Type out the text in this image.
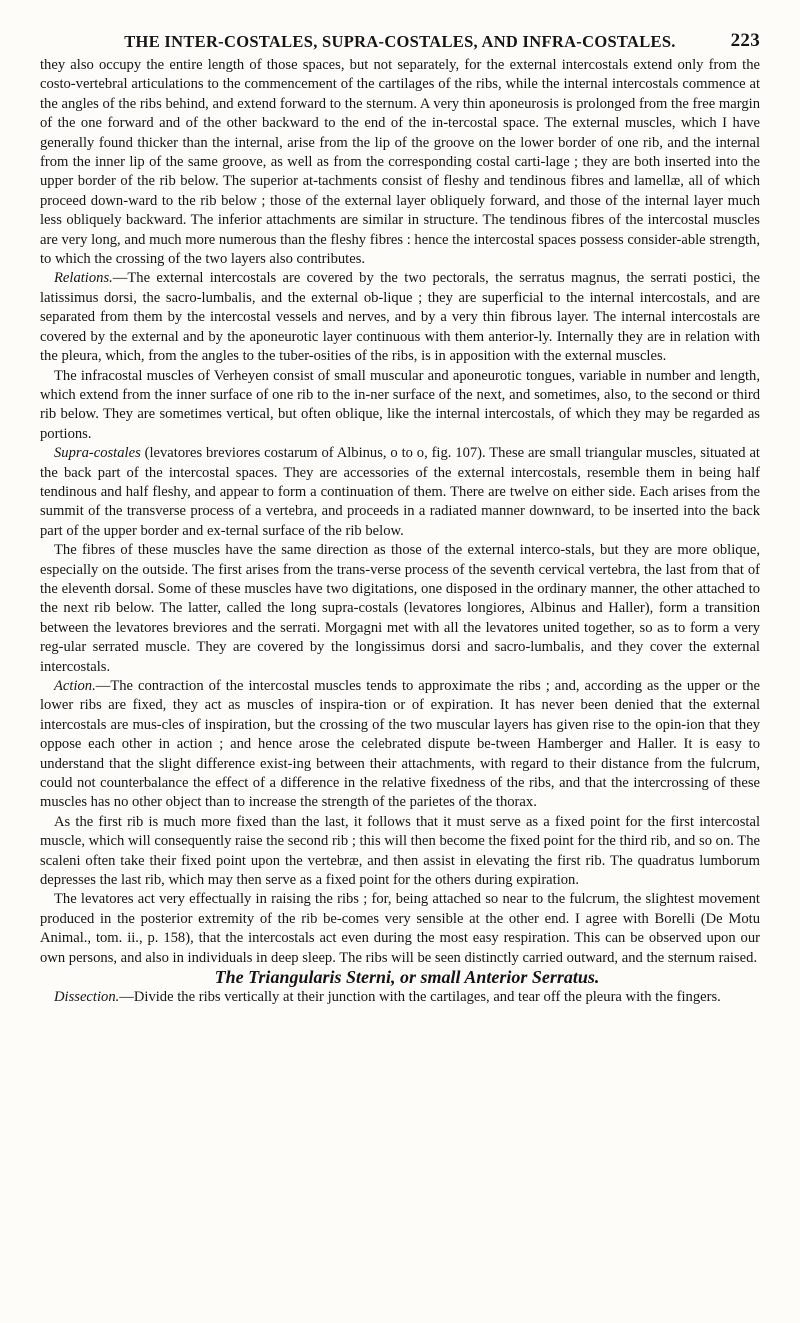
THE INTER-COSTALES, SUPRA-COSTALES, AND INFRA-COSTALES.	223

they also occupy the entire length of those spaces, but not separately, for the external intercostals extend only from the costo-vertebral articulations to the commencement of the cartilages of the ribs, while the internal intercostals commence at the angles of the ribs behind, and extend forward to the sternum. A very thin aponeurosis is prolonged from the free margin of the one forward and of the other backward to the end of the in-tercostal space. The external muscles, which I have generally found thicker than the internal, arise from the lip of the groove on the lower border of one rib, and the internal from the inner lip of the same groove, as well as from the corresponding costal carti-lage ; they are both inserted into the upper border of the rib below. The superior at-tachments consist of fleshy and tendinous fibres and lamellæ, all of which proceed down-ward to the rib below ; those of the external layer obliquely forward, and those of the internal layer much less obliquely backward. The inferior attachments are similar in structure. The tendinous fibres of the intercostal muscles are very long, and much more numerous than the fleshy fibres : hence the intercostal spaces possess consider-able strength, to which the crossing of the two layers also contributes.

Relations.—The external intercostals are covered by the two pectorals, the serratus magnus, the serrati postici, the latissimus dorsi, the sacro-lumbalis, and the external ob-lique ; they are superficial to the internal intercostals, and are separated from them by the intercostal vessels and nerves, and by a very thin fibrous layer. The internal intercostals are covered by the external and by the aponeurotic layer continuous with them anterior-ly. Internally they are in relation with the pleura, which, from the angles to the tuber-osities of the ribs, is in apposition with the external muscles.

The infracostal muscles of Verheyen consist of small muscular and aponeurotic tongues, variable in number and length, which extend from the inner surface of one rib to the in-ner surface of the next, and sometimes, also, to the second or third rib below. They are sometimes vertical, but often oblique, like the internal intercostals, of which they may be regarded as portions.

Supra-costales (levatores breviores costarum of Albinus, o to o, fig. 107). These are small triangular muscles, situated at the back part of the intercostal spaces. They are accessories of the external intercostals, resemble them in being half tendinous and half fleshy, and appear to form a continuation of them. There are twelve on either side. Each arises from the summit of the transverse process of a vertebra, and proceeds in a radiated manner downward, to be inserted into the back part of the upper border and ex-ternal surface of the rib below.

The fibres of these muscles have the same direction as those of the external interco-stals, but they are more oblique, especially on the outside. The first arises from the trans-verse process of the seventh cervical vertebra, the last from that of the eleventh dorsal. Some of these muscles have two digitations, one disposed in the ordinary manner, the other attached to the next rib below. The latter, called the long supra-costals (levatores longiores, Albinus and Haller), form a transition between the levatores breviores and the serrati. Morgagni met with all the levatores united together, so as to form a very reg-ular serrated muscle. They are covered by the longissimus dorsi and sacro-lumbalis, and they cover the external intercostals.

Action.—The contraction of the intercostal muscles tends to approximate the ribs ; and, according as the upper or the lower ribs are fixed, they act as muscles of inspira-tion or of expiration. It has never been denied that the external intercostals are mus-cles of inspiration, but the crossing of the two muscular layers has given rise to the opin-ion that they oppose each other in action ; and hence arose the celebrated dispute be-tween Hamberger and Haller. It is easy to understand that the slight difference exist-ing between their attachments, with regard to their distance from the fulcrum, could not counterbalance the effect of a difference in the relative fixedness of the ribs, and that the intercrossing of these muscles has no other object than to increase the strength of the parietes of the thorax.

As the first rib is much more fixed than the last, it follows that it must serve as a fixed point for the first intercostal muscle, which will consequently raise the second rib ; this will then become the fixed point for the third rib, and so on. The scaleni often take their fixed point upon the vertebræ, and then assist in elevating the first rib. The quadratus lumborum depresses the last rib, which may then serve as a fixed point for the others during expiration.

The levatores act very effectually in raising the ribs ; for, being attached so near to the fulcrum, the slightest movement produced in the posterior extremity of the rib be-comes very sensible at the other end. I agree with Borelli (De Motu Animal., tom. ii., p. 158), that the intercostals act even during the most easy respiration. This can be observed upon our own persons, and also in individuals in deep sleep. The ribs will be seen distinctly carried outward, and the sternum raised.

The Triangularis Sterni, or small Anterior Serratus.

Dissection.—Divide the ribs vertically at their junction with the cartilages, and tear off the pleura with the fingers.
